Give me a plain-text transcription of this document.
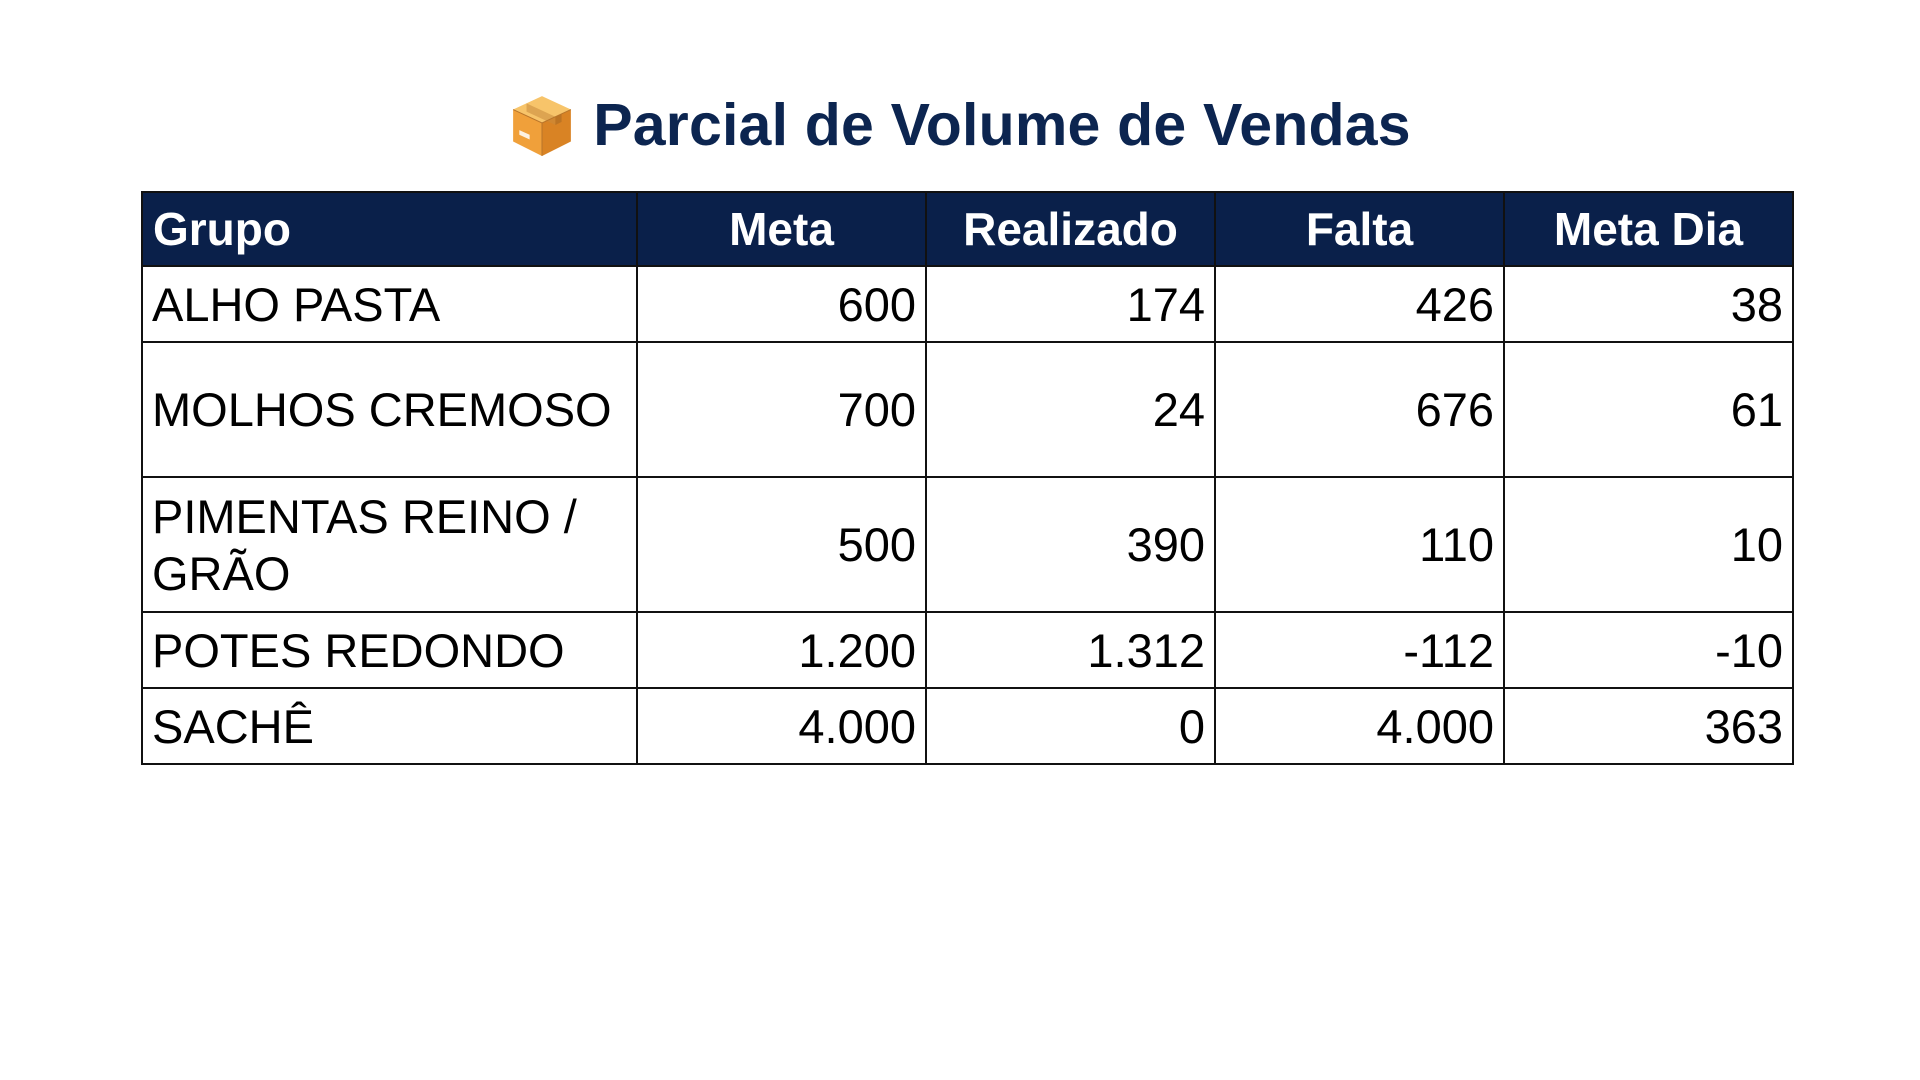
Parcial de Volume de Vendas
Grupo	Meta	Realizado	Falta	Meta Dia
ALHO PASTA	600	174	426	38
MOLHOS CREMOSO	700	24	676	61
PIMENTAS REINO / GRÃO	500	390	110	10
POTES REDONDO	1.200	1.312	-112	-10
SACHÊ	4.000	0	4.000	363
